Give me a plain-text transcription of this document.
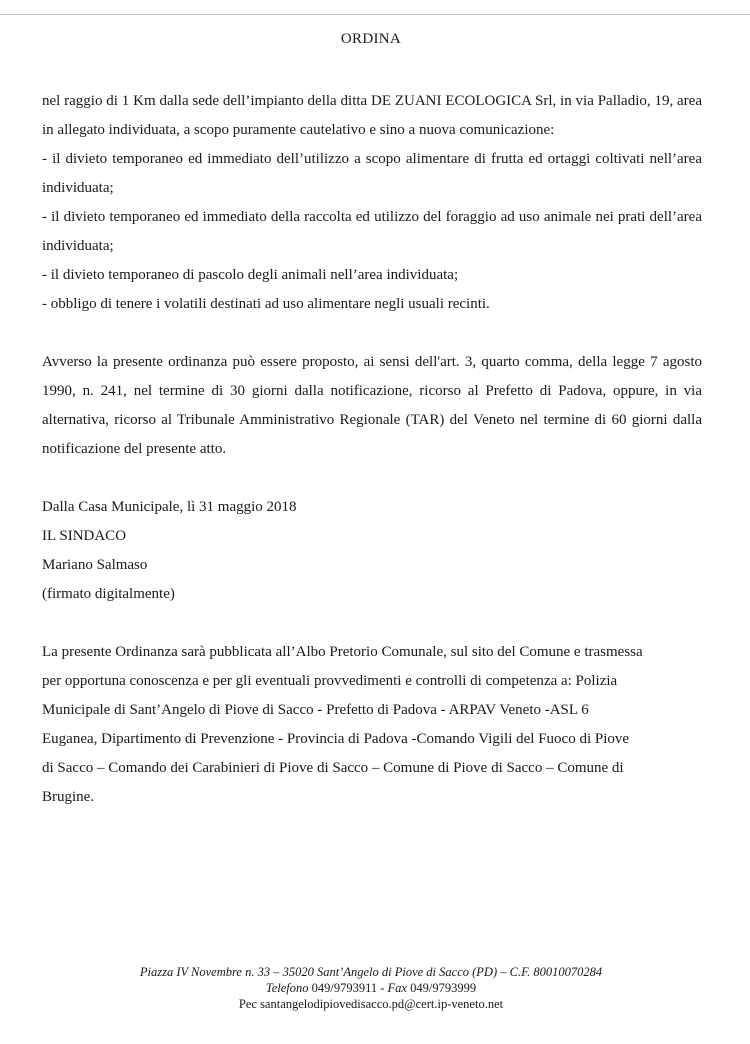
ORDINA

nel raggio di 1 Km dalla sede dell’impianto della ditta DE ZUANI ECOLOGICA Srl, in via Palladio, 19, area in allegato individuata, a scopo puramente cautelativo e sino a nuova comunicazione:

- il divieto temporaneo ed immediato dell’utilizzo a scopo alimentare di frutta ed ortaggi coltivati nell’area individuata;

- il divieto temporaneo ed immediato della raccolta ed utilizzo del foraggio ad uso animale nei prati dell’area individuata;

- il divieto temporaneo di pascolo degli animali nell’area individuata;

- obbligo di tenere i volatili destinati ad uso alimentare negli usuali recinti.

Avverso la presente ordinanza può essere proposto, ai sensi dell'art. 3, quarto comma, della legge 7 agosto 1990, n. 241, nel termine di 30 giorni dalla notificazione, ricorso al Prefetto di Padova, oppure, in via alternativa, ricorso al Tribunale Amministrativo Regionale (TAR) del Veneto nel termine di 60 giorni dalla notificazione del presente atto.

Dalla Casa Municipale, lì 31 maggio 2018
IL SINDACO
Mariano Salmaso
(firmato digitalmente)
La presente Ordinanza sarà pubblicata all’Albo Pretorio Comunale, sul sito del Comune e trasmessa
per opportuna conoscenza e per gli eventuali provvedimenti e controlli di competenza a: Polizia
Municipale di Sant’Angelo di Piove di Sacco - Prefetto di Padova - ARPAV Veneto -ASL 6
Euganea, Dipartimento di Prevenzione - Provincia di Padova -Comando Vigili del Fuoco di Piove
di Sacco – Comando dei Carabinieri di Piove di Sacco – Comune di Piove di Sacco – Comune di
Brugine.
Piazza IV Novembre n. 33 – 35020 Sant’Angelo di Piove di Sacco (PD) – C.F. 80010070284
Telefono 049/9793911 - Fax 049/9793999
Pec santangelodipiovedisacco.pd@cert.ip-veneto.net
